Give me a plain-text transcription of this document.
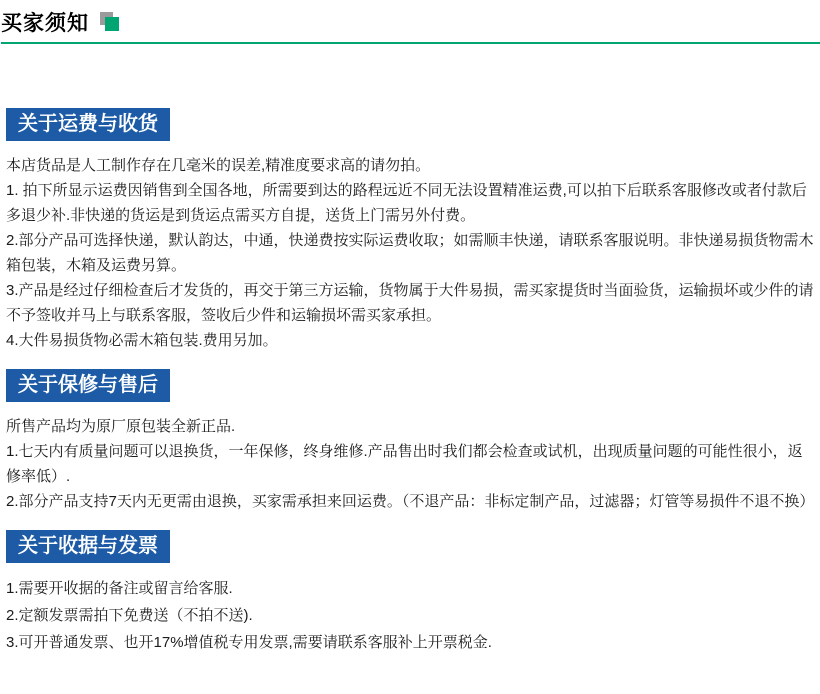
买家须知
关于运费与收货

本店货品是人工制作存在几毫米的误差,精准度要求高的请勿拍。

1. 拍下所显示运费因销售到全国各地，所需要到达的路程远近不同无法设置精准运费,可以拍下后联系客服修改或者付款后多退少补.非快递的货运是到货运点需买方自提，送货上门需另外付费。

2.部分产品可选择快递，默认韵达，中通，快递费按实际运费收取；如需顺丰快递，请联系客服说明。非快递易损货物需木箱包装，木箱及运费另算。

3.产品是经过仔细检查后才发货的，再交于第三方运输，货物属于大件易损，需买家提货时当面验货，运输损坏或少件的请不予签收并马上与联系客服，签收后少件和运输损坏需买家承担。

4.大件易损货物必需木箱包装.费用另加。

关于保修与售后

所售产品均为原厂原包装全新正品.

1.七天内有质量问题可以退换货，一年保修，终身维修.产品售出时我们都会检查或试机，出现质量问题的可能性很小，返修率低）.

2.部分产品支持7天内无更需由退换，买家需承担来回运费。（不退产品：非标定制产品，过滤器；灯管等易损件不退不换）

关于收据与发票

1.需要开收据的备注或留言给客服.

2.定额发票需拍下免费送（不拍不送).

3.可开普通发票、也开17%增值税专用发票,需要请联系客服补上开票税金.
